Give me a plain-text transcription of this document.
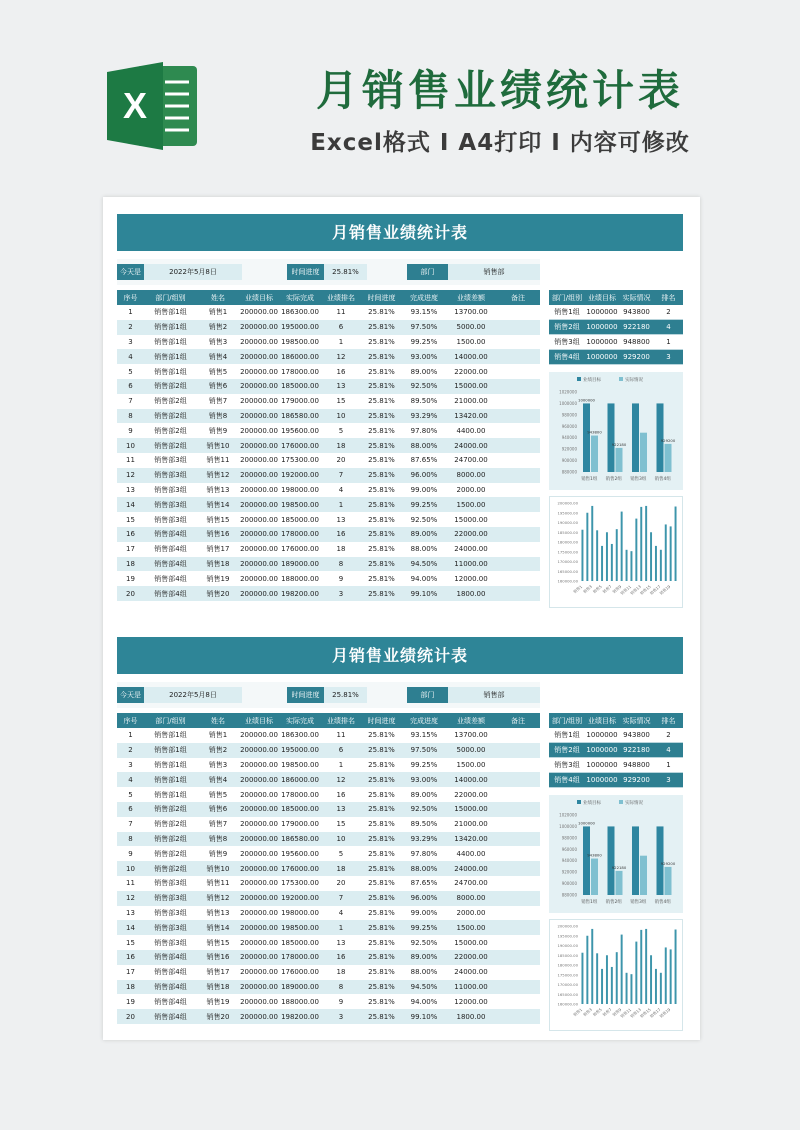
X	月销售业绩统计表
Excel格式 I A4打印 I 内容可修改
月销售业绩统计表
今天是	2022年5月8日	时间进度	25.81%	部门	销售部
序号	部门/组别	姓名	业绩目标	实际完成	业绩排名	时间进度	完成进度	业绩差额	备注
1	销售部1组	销售1	200000.00	186300.00	11	25.81%	93.15%	13700.00	
2	销售部1组	销售2	200000.00	195000.00	6	25.81%	97.50%	5000.00	
3	销售部1组	销售3	200000.00	198500.00	1	25.81%	99.25%	1500.00	
4	销售部1组	销售4	200000.00	186000.00	12	25.81%	93.00%	14000.00	
5	销售部1组	销售5	200000.00	178000.00	16	25.81%	89.00%	22000.00	
6	销售部2组	销售6	200000.00	185000.00	13	25.81%	92.50%	15000.00	
7	销售部2组	销售7	200000.00	179000.00	15	25.81%	89.50%	21000.00	
8	销售部2组	销售8	200000.00	186580.00	10	25.81%	93.29%	13420.00	
9	销售部2组	销售9	200000.00	195600.00	5	25.81%	97.80%	4400.00	
10	销售部2组	销售10	200000.00	176000.00	18	25.81%	88.00%	24000.00	
11	销售部3组	销售11	200000.00	175300.00	20	25.81%	87.65%	24700.00	
12	销售部3组	销售12	200000.00	192000.00	7	25.81%	96.00%	8000.00	
13	销售部3组	销售13	200000.00	198000.00	4	25.81%	99.00%	2000.00	
14	销售部3组	销售14	200000.00	198500.00	1	25.81%	99.25%	1500.00	
15	销售部3组	销售15	200000.00	185000.00	13	25.81%	92.50%	15000.00	
16	销售部4组	销售16	200000.00	178000.00	16	25.81%	89.00%	22000.00	
17	销售部4组	销售17	200000.00	176000.00	18	25.81%	88.00%	24000.00	
18	销售部4组	销售18	200000.00	189000.00	8	25.81%	94.50%	11000.00	
19	销售部4组	销售19	200000.00	188000.00	9	25.81%	94.00%	12000.00	
20	销售部4组	销售20	200000.00	198200.00	3	25.81%	99.10%	1800.00	
部门/组别	业绩目标	实际情况	排名
销售1组	1000000	943800	2
销售2组	1000000	922180	4
销售3组	1000000	948800	1
销售4组	1000000	929200	3
业绩目标	实际情况
1020000
1000000
980000
960000
940000
920000
900000
880000
销售1组 销售2组 销售3组 销售4组
1000000
943800
922180
929200
200000.00
195000.00
190000.00
185000.00
180000.00
175000.00
170000.00
165000.00
160000.00
销售1
销售3
销售5
销售7
销售9
销售11
销售13
销售15
销售17
销售19
月销售业绩统计表
今天是	2022年5月8日	时间进度	25.81%	部门	销售部
序号	部门/组别	姓名	业绩目标	实际完成	业绩排名	时间进度	完成进度	业绩差额	备注
1	销售部1组	销售1	200000.00	186300.00	11	25.81%	93.15%	13700.00	
2	销售部1组	销售2	200000.00	195000.00	6	25.81%	97.50%	5000.00	
3	销售部1组	销售3	200000.00	198500.00	1	25.81%	99.25%	1500.00	
4	销售部1组	销售4	200000.00	186000.00	12	25.81%	93.00%	14000.00	
5	销售部1组	销售5	200000.00	178000.00	16	25.81%	89.00%	22000.00	
6	销售部2组	销售6	200000.00	185000.00	13	25.81%	92.50%	15000.00	
7	销售部2组	销售7	200000.00	179000.00	15	25.81%	89.50%	21000.00	
8	销售部2组	销售8	200000.00	186580.00	10	25.81%	93.29%	13420.00	
9	销售部2组	销售9	200000.00	195600.00	5	25.81%	97.80%	4400.00	
10	销售部2组	销售10	200000.00	176000.00	18	25.81%	88.00%	24000.00	
11	销售部3组	销售11	200000.00	175300.00	20	25.81%	87.65%	24700.00	
12	销售部3组	销售12	200000.00	192000.00	7	25.81%	96.00%	8000.00	
13	销售部3组	销售13	200000.00	198000.00	4	25.81%	99.00%	2000.00	
14	销售部3组	销售14	200000.00	198500.00	1	25.81%	99.25%	1500.00	
15	销售部3组	销售15	200000.00	185000.00	13	25.81%	92.50%	15000.00	
16	销售部4组	销售16	200000.00	178000.00	16	25.81%	89.00%	22000.00	
17	销售部4组	销售17	200000.00	176000.00	18	25.81%	88.00%	24000.00	
18	销售部4组	销售18	200000.00	189000.00	8	25.81%	94.50%	11000.00	
19	销售部4组	销售19	200000.00	188000.00	9	25.81%	94.00%	12000.00	
20	销售部4组	销售20	200000.00	198200.00	3	25.81%	99.10%	1800.00	
部门/组别	业绩目标	实际情况	排名
销售1组	1000000	943800	2
销售2组	1000000	922180	4
销售3组	1000000	948800	1
销售4组	1000000	929200	3
业绩目标	实际情况
1020000
1000000
980000
960000
940000
920000
900000
880000
销售1组 销售2组 销售3组 销售4组
1000000
943800
922180
929200
200000.00
195000.00
190000.00
185000.00
180000.00
175000.00
170000.00
165000.00
160000.00
销售1
销售3
销售5
销售7
销售9
销售11
销售13
销售15
销售17
销售19
